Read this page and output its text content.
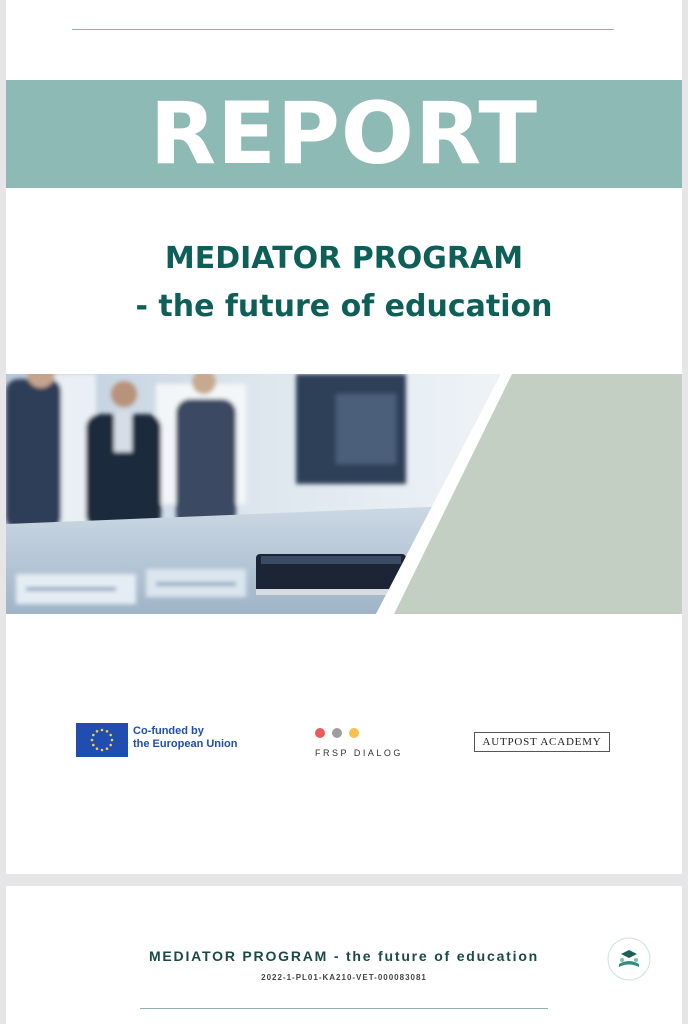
REPORT
MEDIATOR PROGRAM
- the future of education
Co-funded by
the European Union
FRSP DIALOG
AUTPOST ACADEMY
MEDIATOR PROGRAM - the future of education
2022-1-PL01-KA210-VET-000083081
